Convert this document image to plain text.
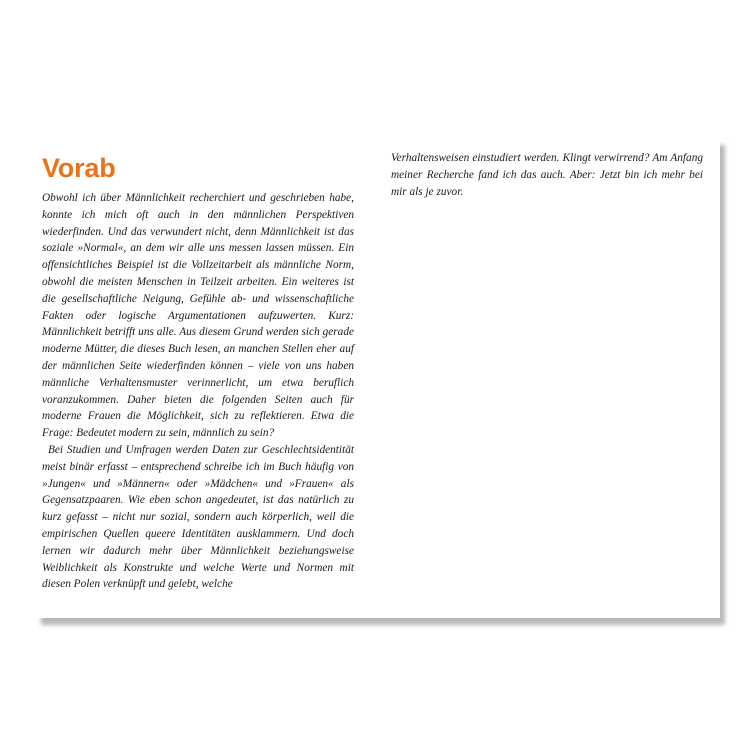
Vorab

Obwohl ich über Männlichkeit recherchiert und geschrieben habe, konnte ich mich oft auch in den männlichen Perspektiven wiederfinden. Und das verwundert nicht, denn Männlichkeit ist das soziale »Normal«, an dem wir alle uns messen lassen müssen. Ein offensichtliches Beispiel ist die Vollzeitarbeit als männliche Norm, obwohl die meisten Menschen in Teilzeit arbeiten. Ein weiteres ist die gesellschaftliche Neigung, Gefühle ab- und wissenschaftliche Fakten oder logische Argumentationen aufzuwerten. Kurz: Männlichkeit betrifft uns alle. Aus diesem Grund werden sich gerade moderne Mütter, die dieses Buch lesen, an manchen Stellen eher auf der männlichen Seite wiederfinden können – viele von uns haben männliche Verhaltensmuster verinnerlicht, um etwa beruflich voranzukommen. Daher bieten die folgenden Seiten auch für moderne Frauen die Möglichkeit, sich zu reflektieren. Etwa die Frage: Bedeutet modern zu sein, männlich zu sein?

Bei Studien und Umfragen werden Daten zur Geschlechtsidentität meist binär erfasst – entsprechend schreibe ich im Buch häufig von »Jungen« und »Männern« oder »Mädchen« und »Frauen« als Gegensatzpaaren. Wie eben schon angedeutet, ist das natürlich zu kurz gefasst – nicht nur sozial, sondern auch körperlich, weil die empirischen Quellen queere Identitäten ausklammern. Und doch lernen wir dadurch mehr über Männlichkeit beziehungsweise Weiblichkeit als Konstrukte und welche Werte und Normen mit diesen Polen verknüpft und gelebt, welche

Verhaltensweisen einstudiert werden. Klingt verwirrend? Am Anfang meiner Recherche fand ich das auch. Aber: Jetzt bin ich mehr bei mir als je zuvor.
